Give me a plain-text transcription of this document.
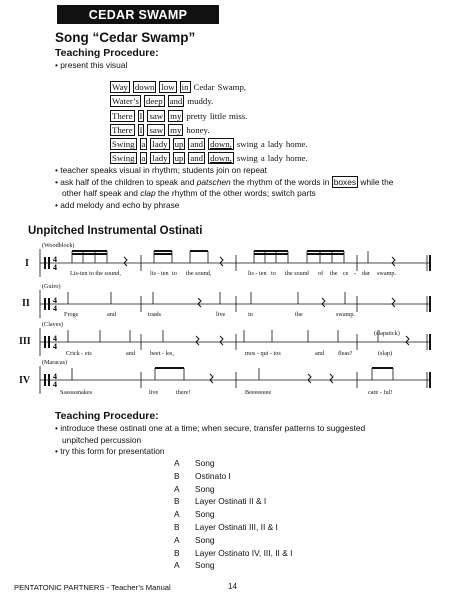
CEDAR SWAMP
Song “Cedar Swamp”
Teaching Procedure:
• present this visual
Way down low in Cedar Swamp,
Water’s deep and muddy.
There I saw my pretty little miss.
There I saw my honey.
Swing a lady up and down, swing a lady home.
Swing a lady up and down, swing a lady home.
• teacher speaks visual in rhythm; students join on repeat
• ask half of the children to speak and patschen the rhythm of the words in boxes while the
other half speak and clap the rhythm of the other words; switch parts
• add melody and echo by phrase
Unpitched Instrumental Ostinati
4
4
4
4
4
4
4
4
I
II
III
IV
(Woodblock)
(Guiro)
(Claves)
(Maracas)
(slapstick)
Lis-ten to the sound,	lis - ten to the sound,	lis - ten to the sound of the ce - dar swamp.
Frogs	and	toads	live	in	the	swamp.
Crick - ets	and beet - les,	mos - qui - tos	and fleas?	(slap)
Sssssssnakes	live	there!	Beeeeeeee	care - ful!
Teaching Procedure:
• introduce these ostinati one at a time; when secure, transfer patterns to suggested
unpitched percussion
• try this form for presentation
A Song
B Ostinato I
A Song
B Layer Ostinati II & I
A Song
B Layer Ostinati III, II & I
A Song
B Layer Ostinato IV, III, II & I
A Song
PENTATONIC PARTNERS - Teacher’s Manual	14
